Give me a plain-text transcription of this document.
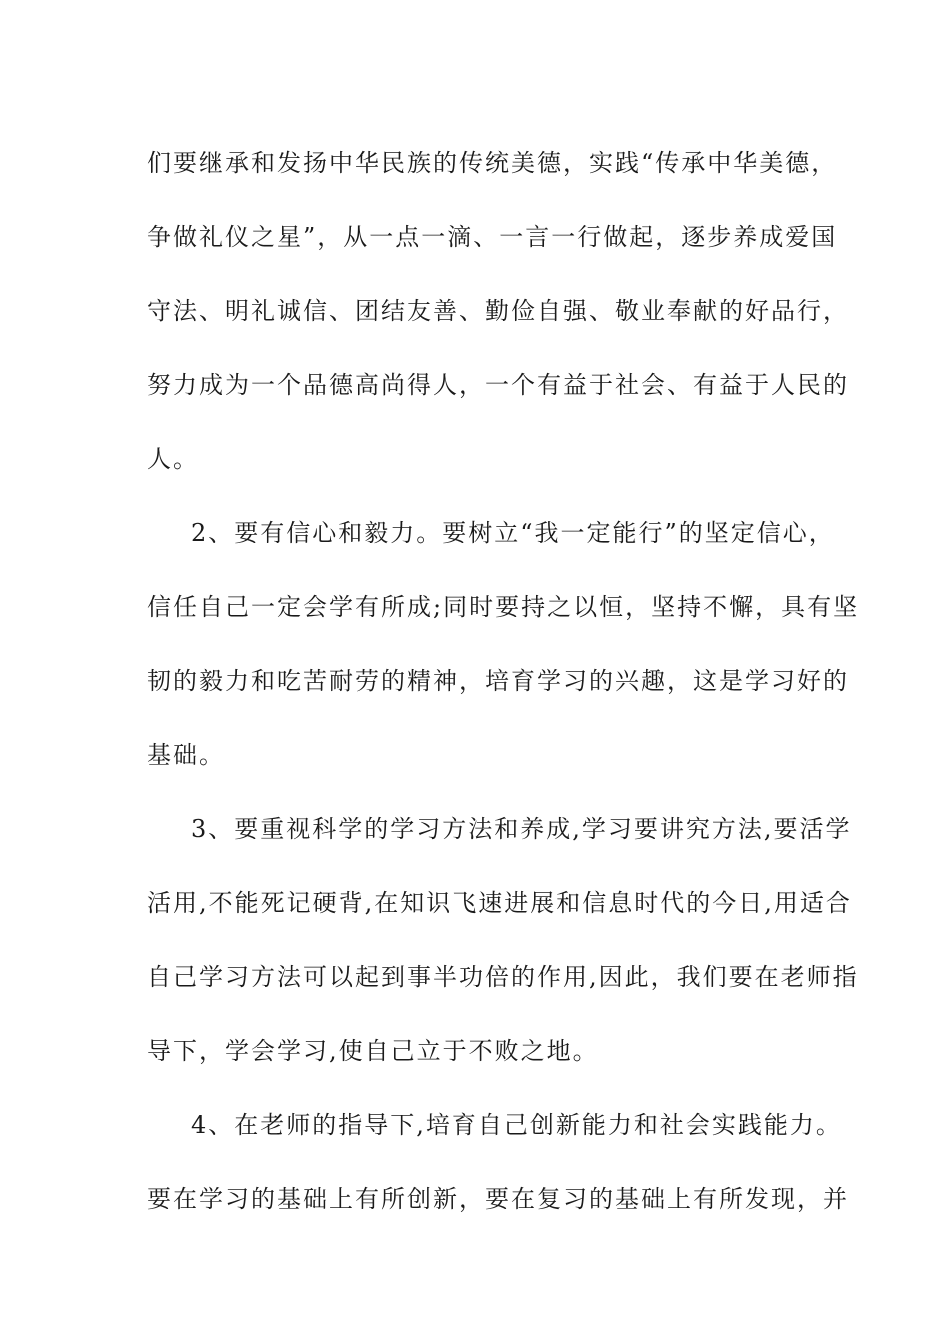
们要继承和发扬中华民族的传统美德，实践“传承中华美德，
争做礼仪之星”，从一点一滴、一言一行做起，逐步养成爱国
守法、明礼诚信、团结友善、勤俭自强、敬业奉献的好品行，
努力成为一个品德高尚得人，一个有益于社会、有益于人民的
人。
2、要有信心和毅力。要树立“我一定能行”的坚定信心，
信任自己一定会学有所成;同时要持之以恒，坚持不懈，具有坚
韧的毅力和吃苦耐劳的精神，培育学习的兴趣，这是学习好的
基础。
3、要重视科学的学习方法和养成,学习要讲究方法,要活学
活用,不能死记硬背,在知识飞速进展和信息时代的今日,用适合
自己学习方法可以起到事半功倍的作用,因此，我们要在老师指
导下，学会学习,使自己立于不败之地。
4、在老师的指导下,培育自己创新能力和社会实践能力。
要在学习的基础上有所创新，要在复习的基础上有所发现，并
